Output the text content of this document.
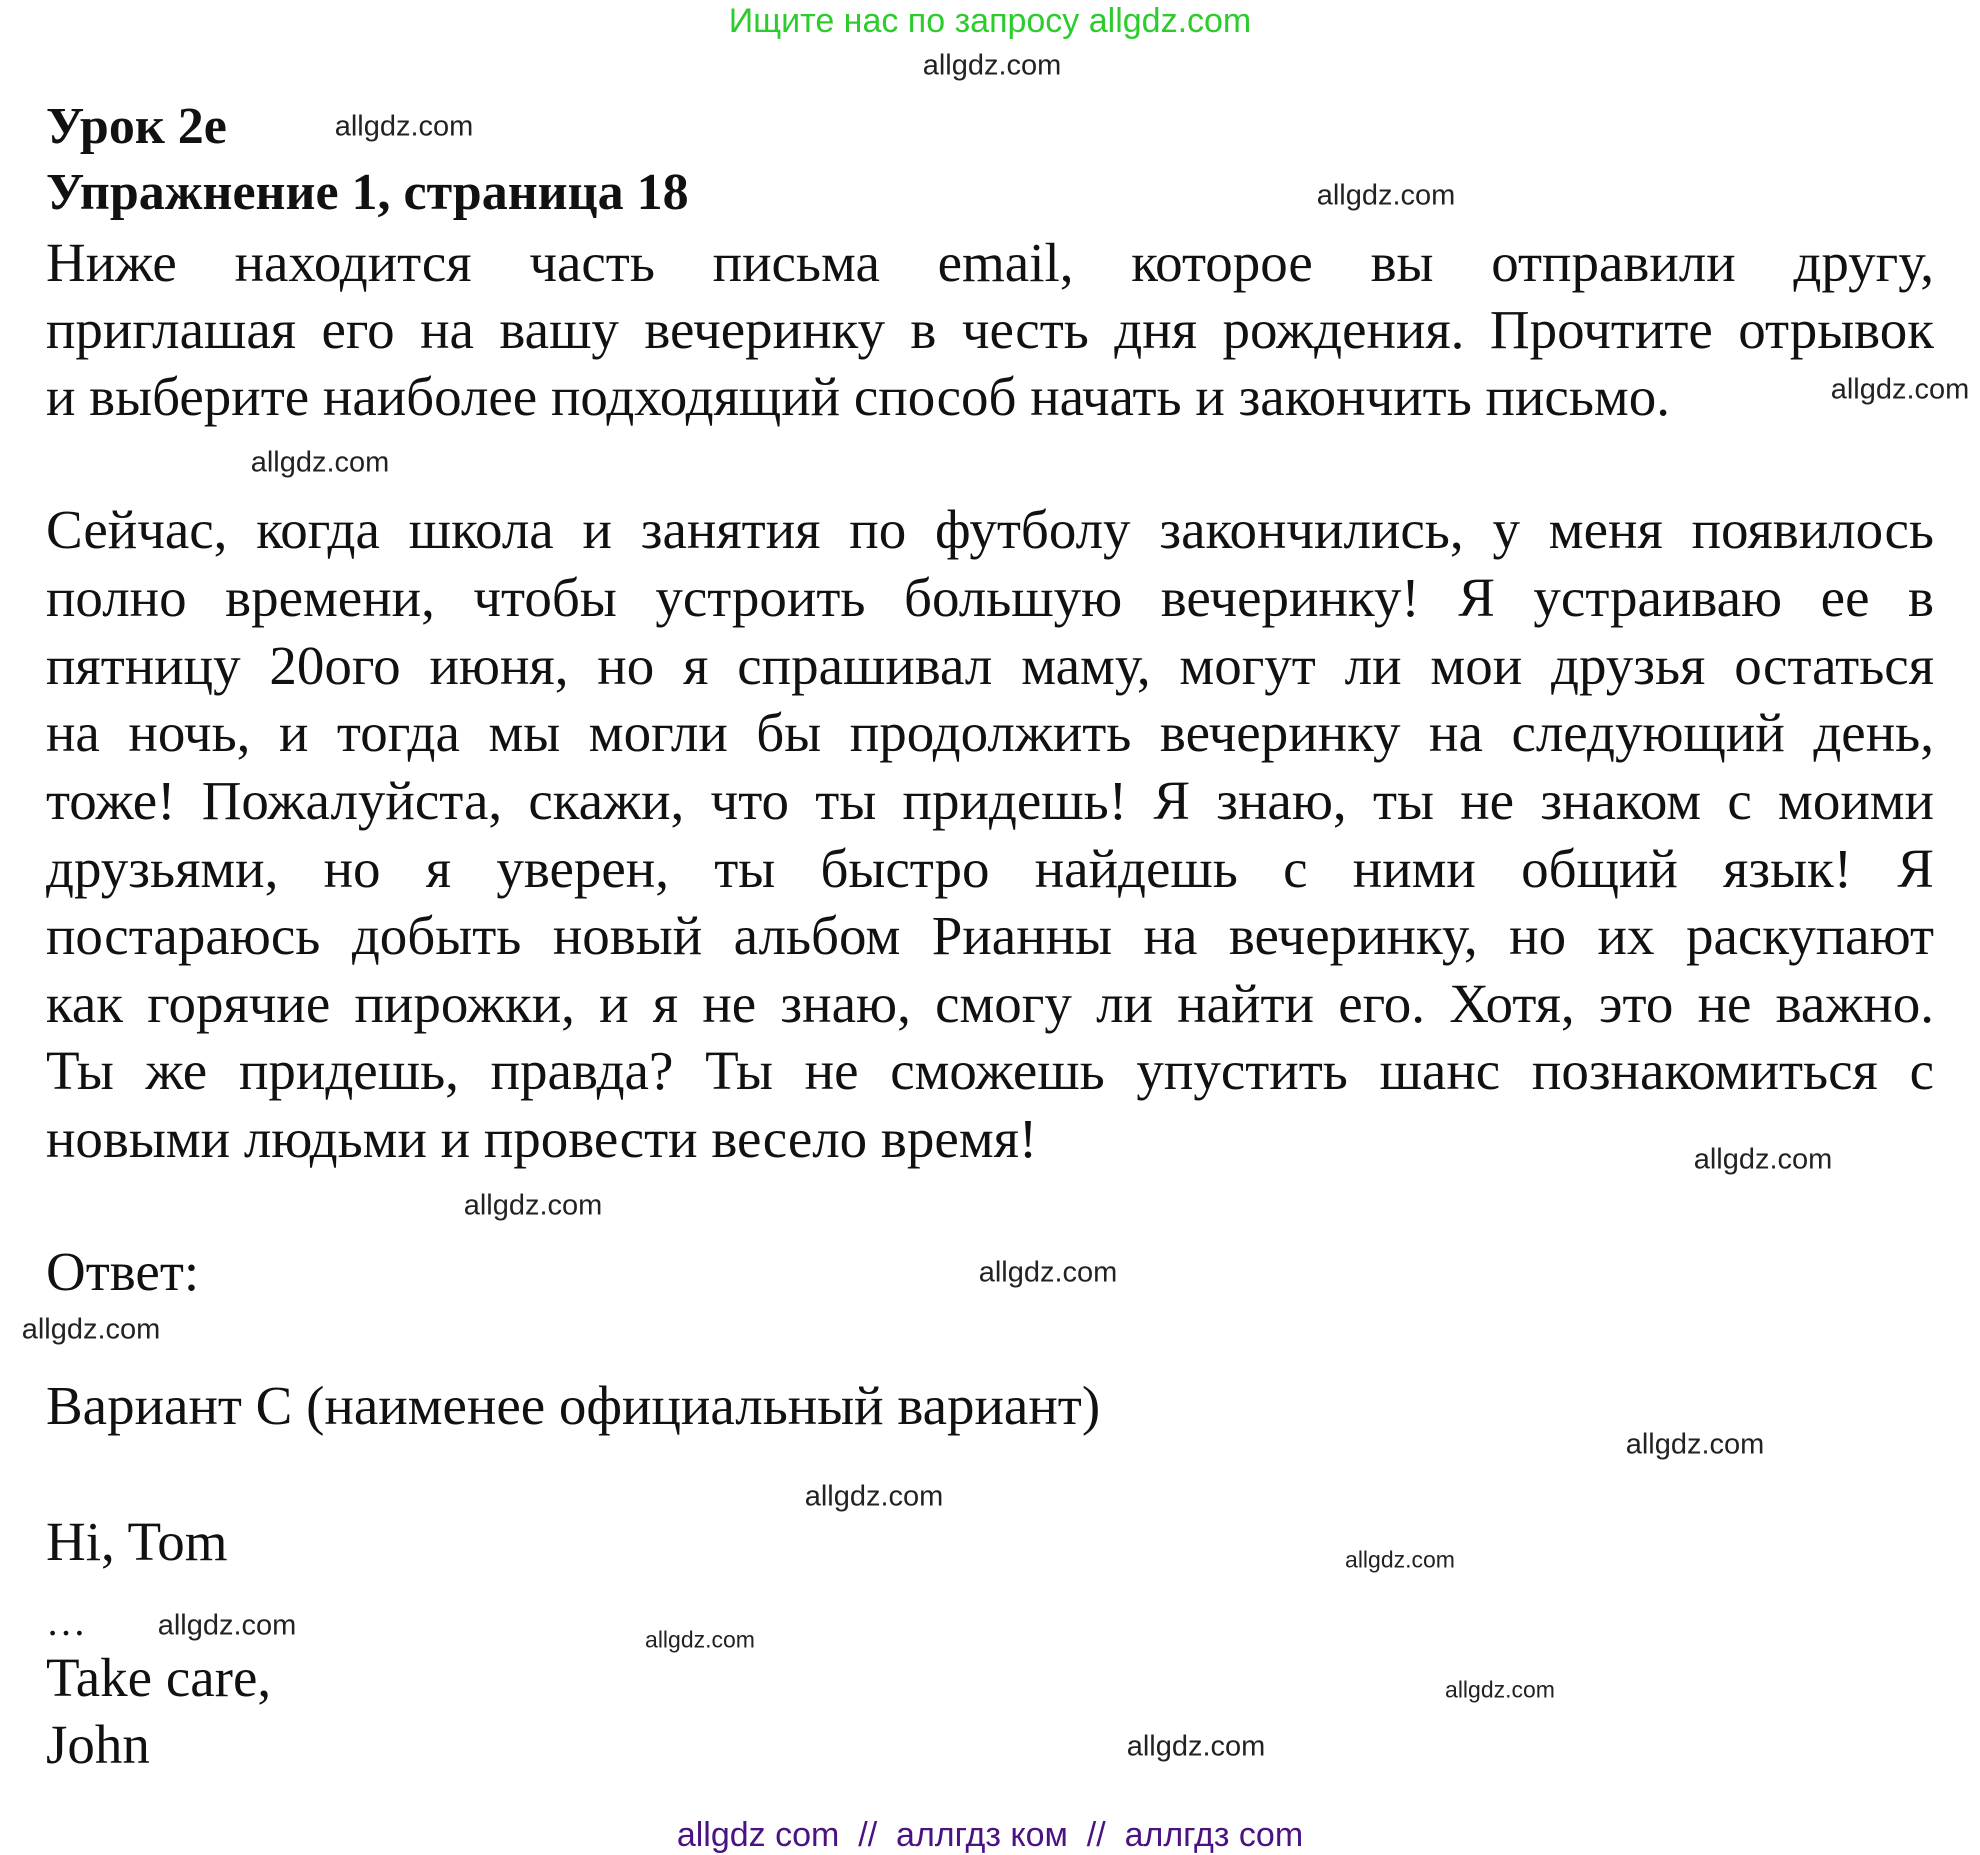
Ищите нас по запросу allgdz.com
Урок 2е
Упражнение 1, страница 18
Ниже находится часть письма email, которое вы отправили другу,
приглашая его на вашу вечеринку в честь дня рождения. Прочтите отрывок
и выберите наиболее подходящий способ начать и закончить письмо.
Сейчас, когда школа и занятия по футболу закончились, у меня появилось
полно времени, чтобы устроить большую вечеринку! Я устраиваю ее в
пятницу 20ого июня, но я спрашивал маму, могут ли мои друзья остаться
на ночь, и тогда мы могли бы продолжить вечеринку на следующий день,
тоже! Пожалуйста, скажи, что ты придешь! Я знаю, ты не знаком с моими
друзьями, но я уверен, ты быстро найдешь с ними общий язык! Я
постараюсь добыть новый альбом Рианны на вечеринку, но их раскупают
как горячие пирожки, и я не знаю, смогу ли найти его. Хотя, это не важно.
Ты же придешь, правда? Ты не сможешь упустить шанс познакомиться с
новыми людьми и провести весело время!
Ответ:
Вариант С (наименее официальный вариант)
Hi, Tom
…
Take care,
John
allgdz.com
allgdz.com
allgdz.com
allgdz.com
allgdz.com
allgdz.com
allgdz.com
allgdz.com
allgdz.com
allgdz.com
allgdz.com
allgdz.com
allgdz.com
allgdz.com
allgdz.com
allgdz.com
allgdz com  //  аллгдз ком  //  аллгдз com
